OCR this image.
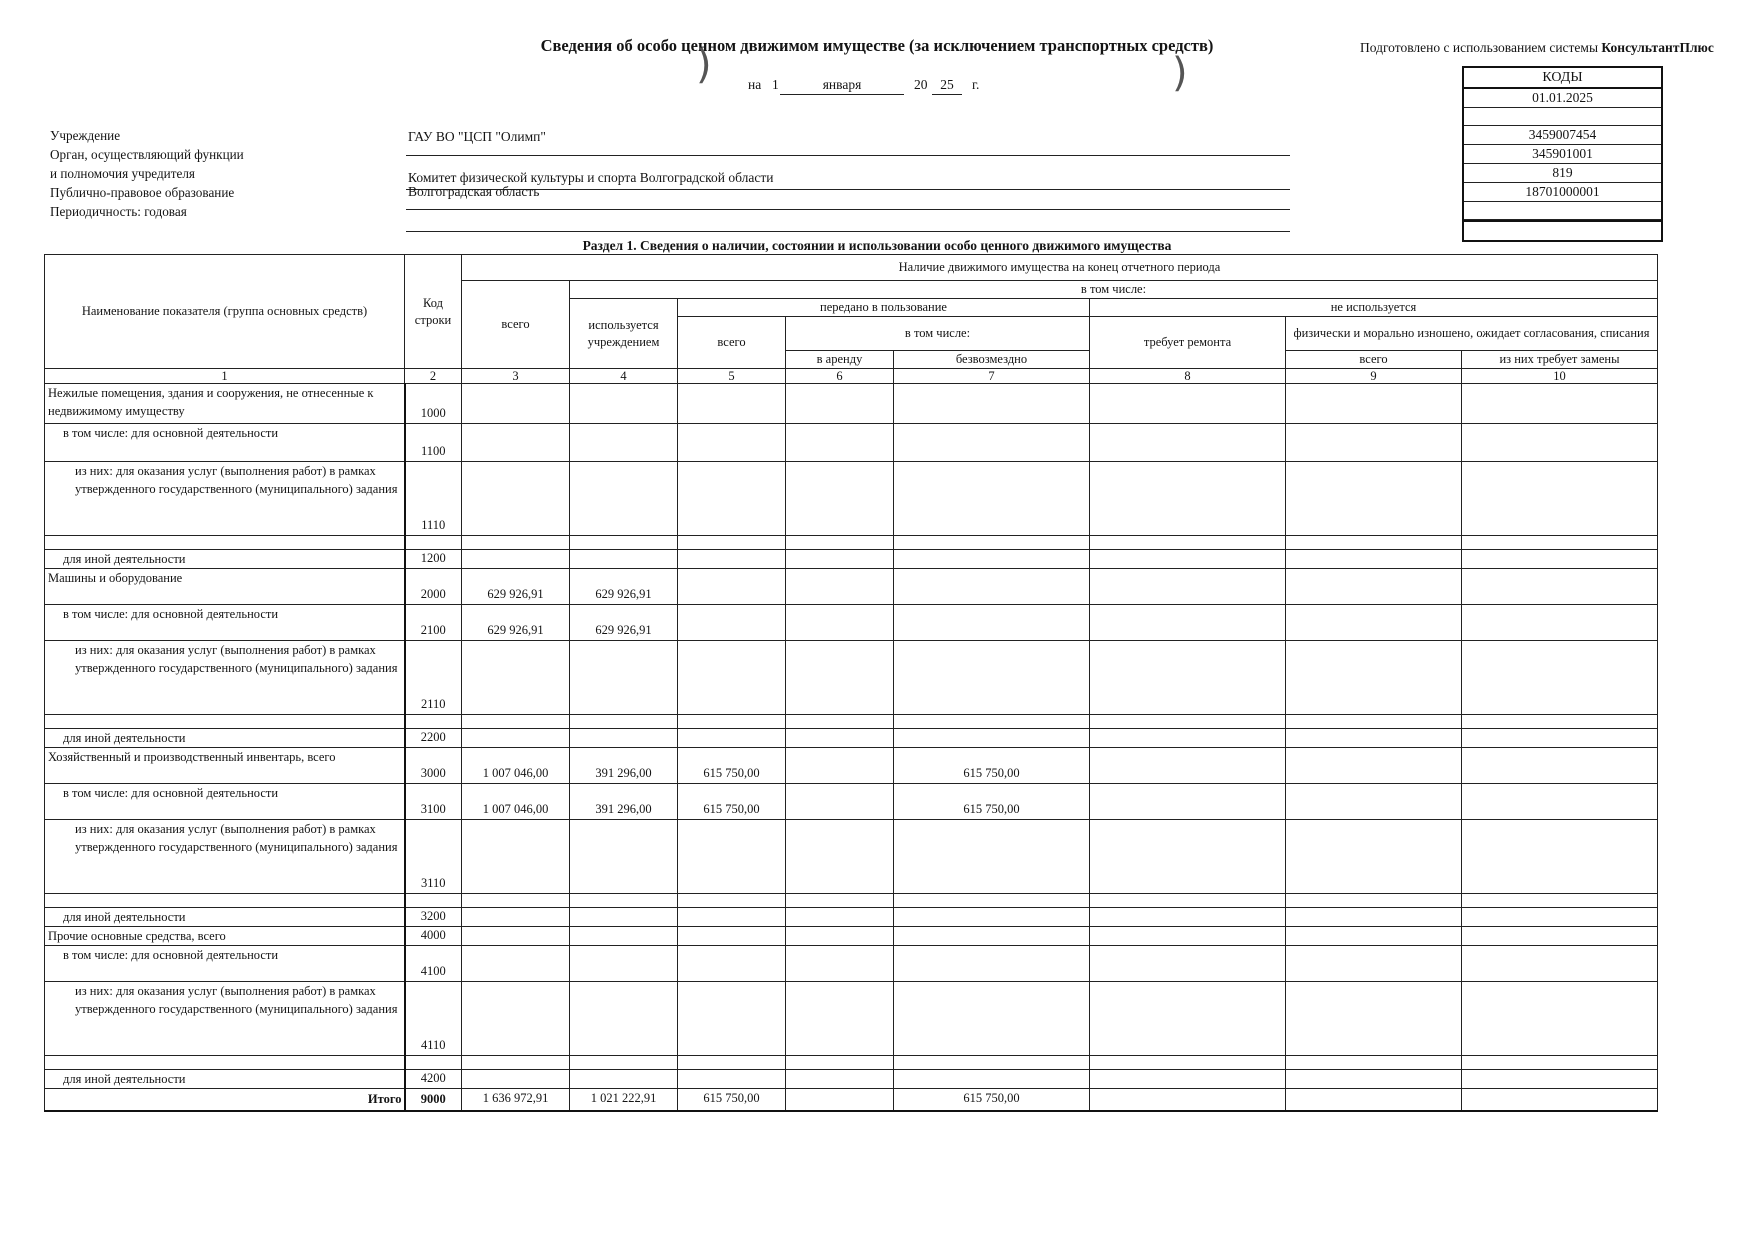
Сведения об особо ценном движимом имуществе (за исключением транспортных средств)	Подготовлено с использованием системы КонсультантПлюс
на 1	января	20 25	г.
)	)
Учреждение
Орган, осуществляющий функции
и полномочия учредителя
Публично-правовое образование
Периодичность: годовая
ГАУ ВО "ЦСП "Олимп"
Комитет физической культуры и спорта Волгоградской области
Волгоградская область
КОДЫ
01.01.2025
3459007454
345901001
819
18701000001
Раздел 1. Сведения о наличии, состоянии и использовании особо ценного движимого имущества
Наименование показателя (группа основных средств)	Код строки	Наличие движимого имущества на конец отчетного периода							
		всего	в том числе:						
			используется учреждением	передано в пользование			не используется		
				всего	в том числе:		требует ремонта	физически и морально изношено, ожидает согласования, списания	
					в аренду	безвозмездно		всего	из них требует замены
1	2	3	4	5	6	7	8	9	10
Нежилые помещения, здания и сооружения, не отнесенные к недвижимому имуществу	1000								
в том числе: для основной деятельности	1100								
из них: для оказания услуг (выполнения работ) в рамках утвержденного государственного (муниципального) задания	1110								

для иной деятельности	1200								
Машины и оборудование	2000	629 926,91	629 926,91						
в том числе: для основной деятельности	2100	629 926,91	629 926,91						
из них: для оказания услуг (выполнения работ) в рамках утвержденного государственного (муниципального) задания	2110								

для иной деятельности	2200								
Хозяйственный и производственный инвентарь, всего	3000	1 007 046,00	391 296,00	615 750,00		615 750,00			
в том числе: для основной деятельности	3100	1 007 046,00	391 296,00	615 750,00		615 750,00			
из них: для оказания услуг (выполнения работ) в рамках утвержденного государственного (муниципального) задания	3110								

для иной деятельности	3200								
Прочие основные средства, всего	4000								
в том числе: для основной деятельности	4100								
из них: для оказания услуг (выполнения работ) в рамках утвержденного государственного (муниципального) задания	4110								

для иной деятельности	4200								
Итого	9000	1 636 972,91	1 021 222,91	615 750,00		615 750,00			
